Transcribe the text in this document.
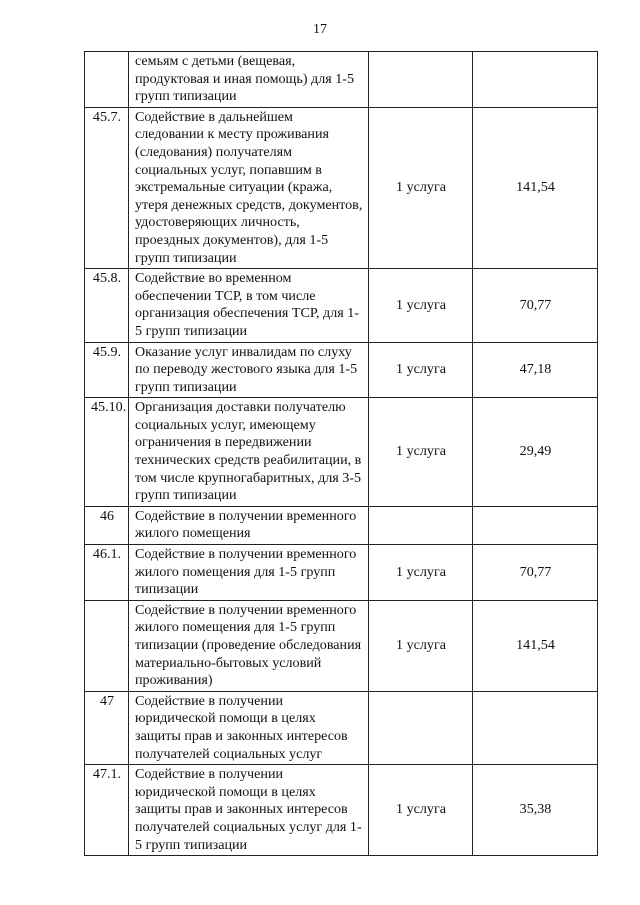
17
	семьям с детьми (вещевая, продуктовая и иная помощь) для 1-5 групп типизации		
45.7.	Содействие в дальнейшем следовании к месту проживания (следования) получателям социальных услуг, попавшим в экстремальные ситуации (кража, утеря денежных средств, документов, удостоверяющих личность, проездных документов), для 1-5 групп типизации	1 услуга	141,54
45.8.	Содействие во временном обеспечении ТСР, в том числе организация обеспечения ТСР, для 1-5 групп типизации	1 услуга	70,77
45.9.	Оказание услуг инвалидам по слуху по переводу жестового языка для 1-5 групп типизации	1 услуга	47,18
45.10.	Организация доставки получателю социальных услуг, имеющему ограничения в передвижении технических средств реабилитации, в том числе крупногабаритных, для 3-5 групп типизации	1 услуга	29,49
46	Содействие в получении временного жилого помещения		
46.1.	Содействие в получении временного жилого помещения для 1-5 групп типизации	1 услуга	70,77
	Содействие в получении временного жилого помещения для 1-5 групп типизации (проведение обследования материально-бытовых условий проживания)	1 услуга	141,54
47	Содействие в получении юридической помощи в целях защиты прав и законных интересов получателей социальных услуг		
47.1.	Содействие в получении юридической помощи в целях защиты прав и законных интересов получателей социальных услуг для 1-5 групп типизации	1 услуга	35,38
